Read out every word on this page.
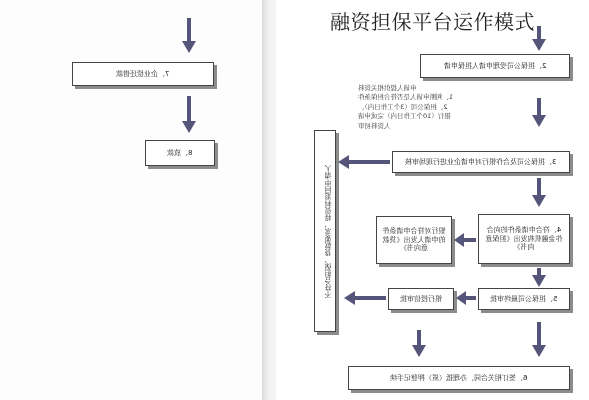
融资担保平台运作模式
7、企业偿还借款
8、放款
2、担保公司受理申请人担保申请
申请人提供相关资料
1、判断申请人是否符合担保条件
2、担保公司（3个工作日内）、
银行（10个工作日内）完成申请
人资料初审
不符合担保、贷款要求，将资料退回申请人
3、担保公司及合作银行对申请企业进行现场审核
银行对符合申请条件的申请人发出《贷款意向书》
4、符合申请条件的向合作金融机构发出《担保意向书》
银行授信审批	5、担保公司最终审批
6、签订相关合同，办理抵（质）押登记手续
